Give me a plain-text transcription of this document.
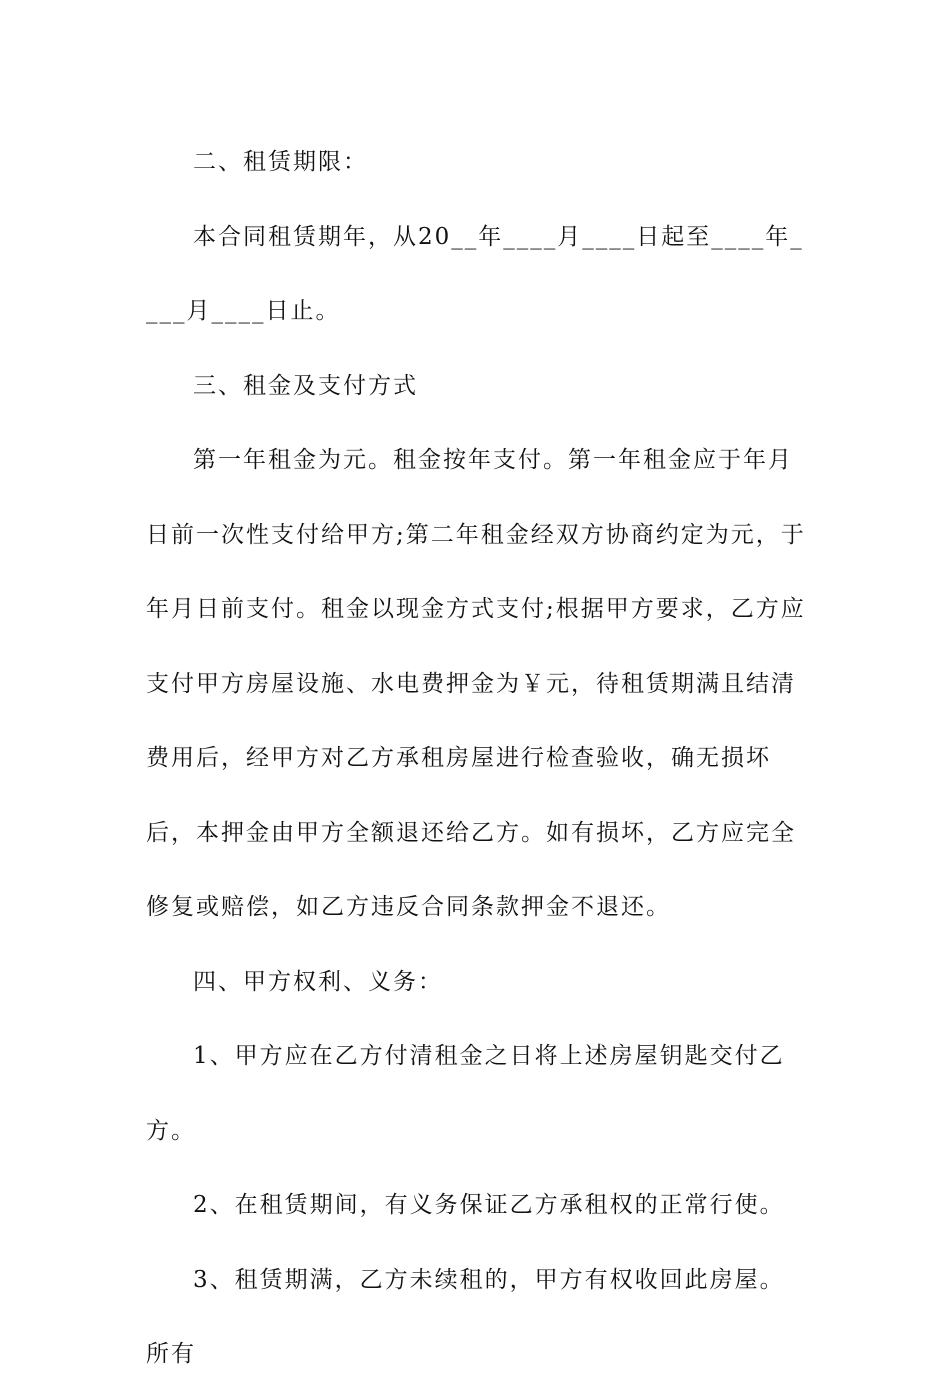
二、租赁期限：

本合同租赁期年，从20__年____月____日起至____年____月____日止。

三、租金及支付方式

第一年租金为元。租金按年支付。第一年租金应于年月日前一次性支付给甲方;第二年租金经双方协商约定为元，于年月日前支付。租金以现金方式支付;根据甲方要求，乙方应支付甲方房屋设施、水电费押金为￥元，待租赁期满且结清费用后，经甲方对乙方承租房屋进行检查验收，确无损坏后，本押金由甲方全额退还给乙方。如有损坏，乙方应完全修复或赔偿，如乙方违反合同条款押金不退还。

四、甲方权利、义务：

1、甲方应在乙方付清租金之日将上述房屋钥匙交付乙方。

2、在租赁期间，有义务保证乙方承租权的正常行使。

3、租赁期满，乙方未续租的，甲方有权收回此房屋。所有
